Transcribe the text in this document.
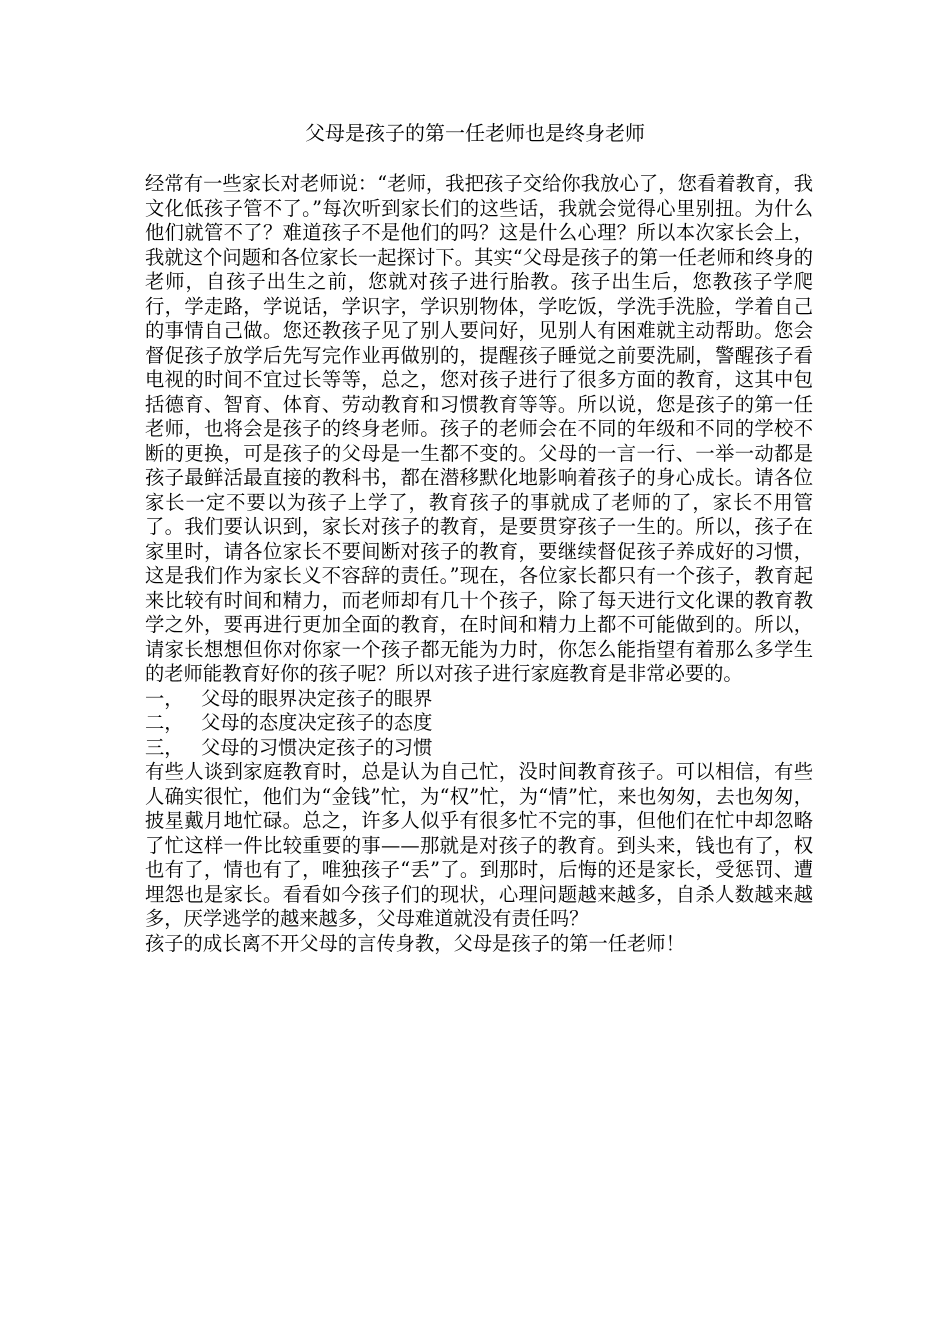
父母是孩子的第一任老师也是终身老师

经常有一些家长对老师说：“老师，我把孩子交给你我放心了，您看着教育，我文化低孩子管不了。”每次听到家长们的这些话，我就会觉得心里别扭。为什么他们就管不了？难道孩子不是他们的吗？这是什么心理？所以本次家长会上，我就这个问题和各位家长一起探讨下。其实“父母是孩子的第一任老师和终身的老师，自孩子出生之前，您就对孩子进行胎教。孩子出生后，您教孩子学爬行，学走路，学说话，学识字，学识别物体，学吃饭，学洗手洗脸，学着自己的事情自己做。您还教孩子见了别人要问好，见别人有困难就主动帮助。您会督促孩子放学后先写完作业再做别的，提醒孩子睡觉之前要洗刷，警醒孩子看电视的时间不宜过长等等，总之，您对孩子进行了很多方面的教育，这其中包括德育、智育、体育、劳动教育和习惯教育等等。所以说，您是孩子的第一任老师，也将会是孩子的终身老师。孩子的老师会在不同的年级和不同的学校不断的更换，可是孩子的父母是一生都不变的。父母的一言一行、一举一动都是孩子最鲜活最直接的教科书，都在潜移默化地影响着孩子的身心成长。请各位家长一定不要以为孩子上学了，教育孩子的事就成了老师的了，家长不用管了。我们要认识到，家长对孩子的教育，是要贯穿孩子一生的。所以，孩子在家里时，请各位家长不要间断对孩子的教育，要继续督促孩子养成好的习惯，这是我们作为家长义不容辞的责任。”现在，各位家长都只有一个孩子，教育起来比较有时间和精力，而老师却有几十个孩子，除了每天进行文化课的教育教学之外，要再进行更加全面的教育，在时间和精力上都不可能做到的。所以，请家长想想但你对你家一个孩子都无能为力时，你怎么能指望有着那么多学生的老师能教育好你的孩子呢？所以对孩子进行家庭教育是非常必要的。

一， 父母的眼界决定孩子的眼界
二， 父母的态度决定孩子的态度
三， 父母的习惯决定孩子的习惯

有些人谈到家庭教育时，总是认为自己忙，没时间教育孩子。可以相信，有些人确实很忙，他们为“金钱”忙，为“权”忙，为“情”忙，来也匆匆，去也匆匆，披星戴月地忙碌。总之，许多人似乎有很多忙不完的事，但他们在忙中却忽略了忙这样一件比较重要的事——那就是对孩子的教育。到头来，钱也有了，权也有了，情也有了，唯独孩子“丢”了。到那时，后悔的还是家长，受惩罚、遭埋怨也是家长。看看如今孩子们的现状，心理问题越来越多，自杀人数越来越多，厌学逃学的越来越多，父母难道就没有责任吗？

孩子的成长离不开父母的言传身教，父母是孩子的第一任老师！
